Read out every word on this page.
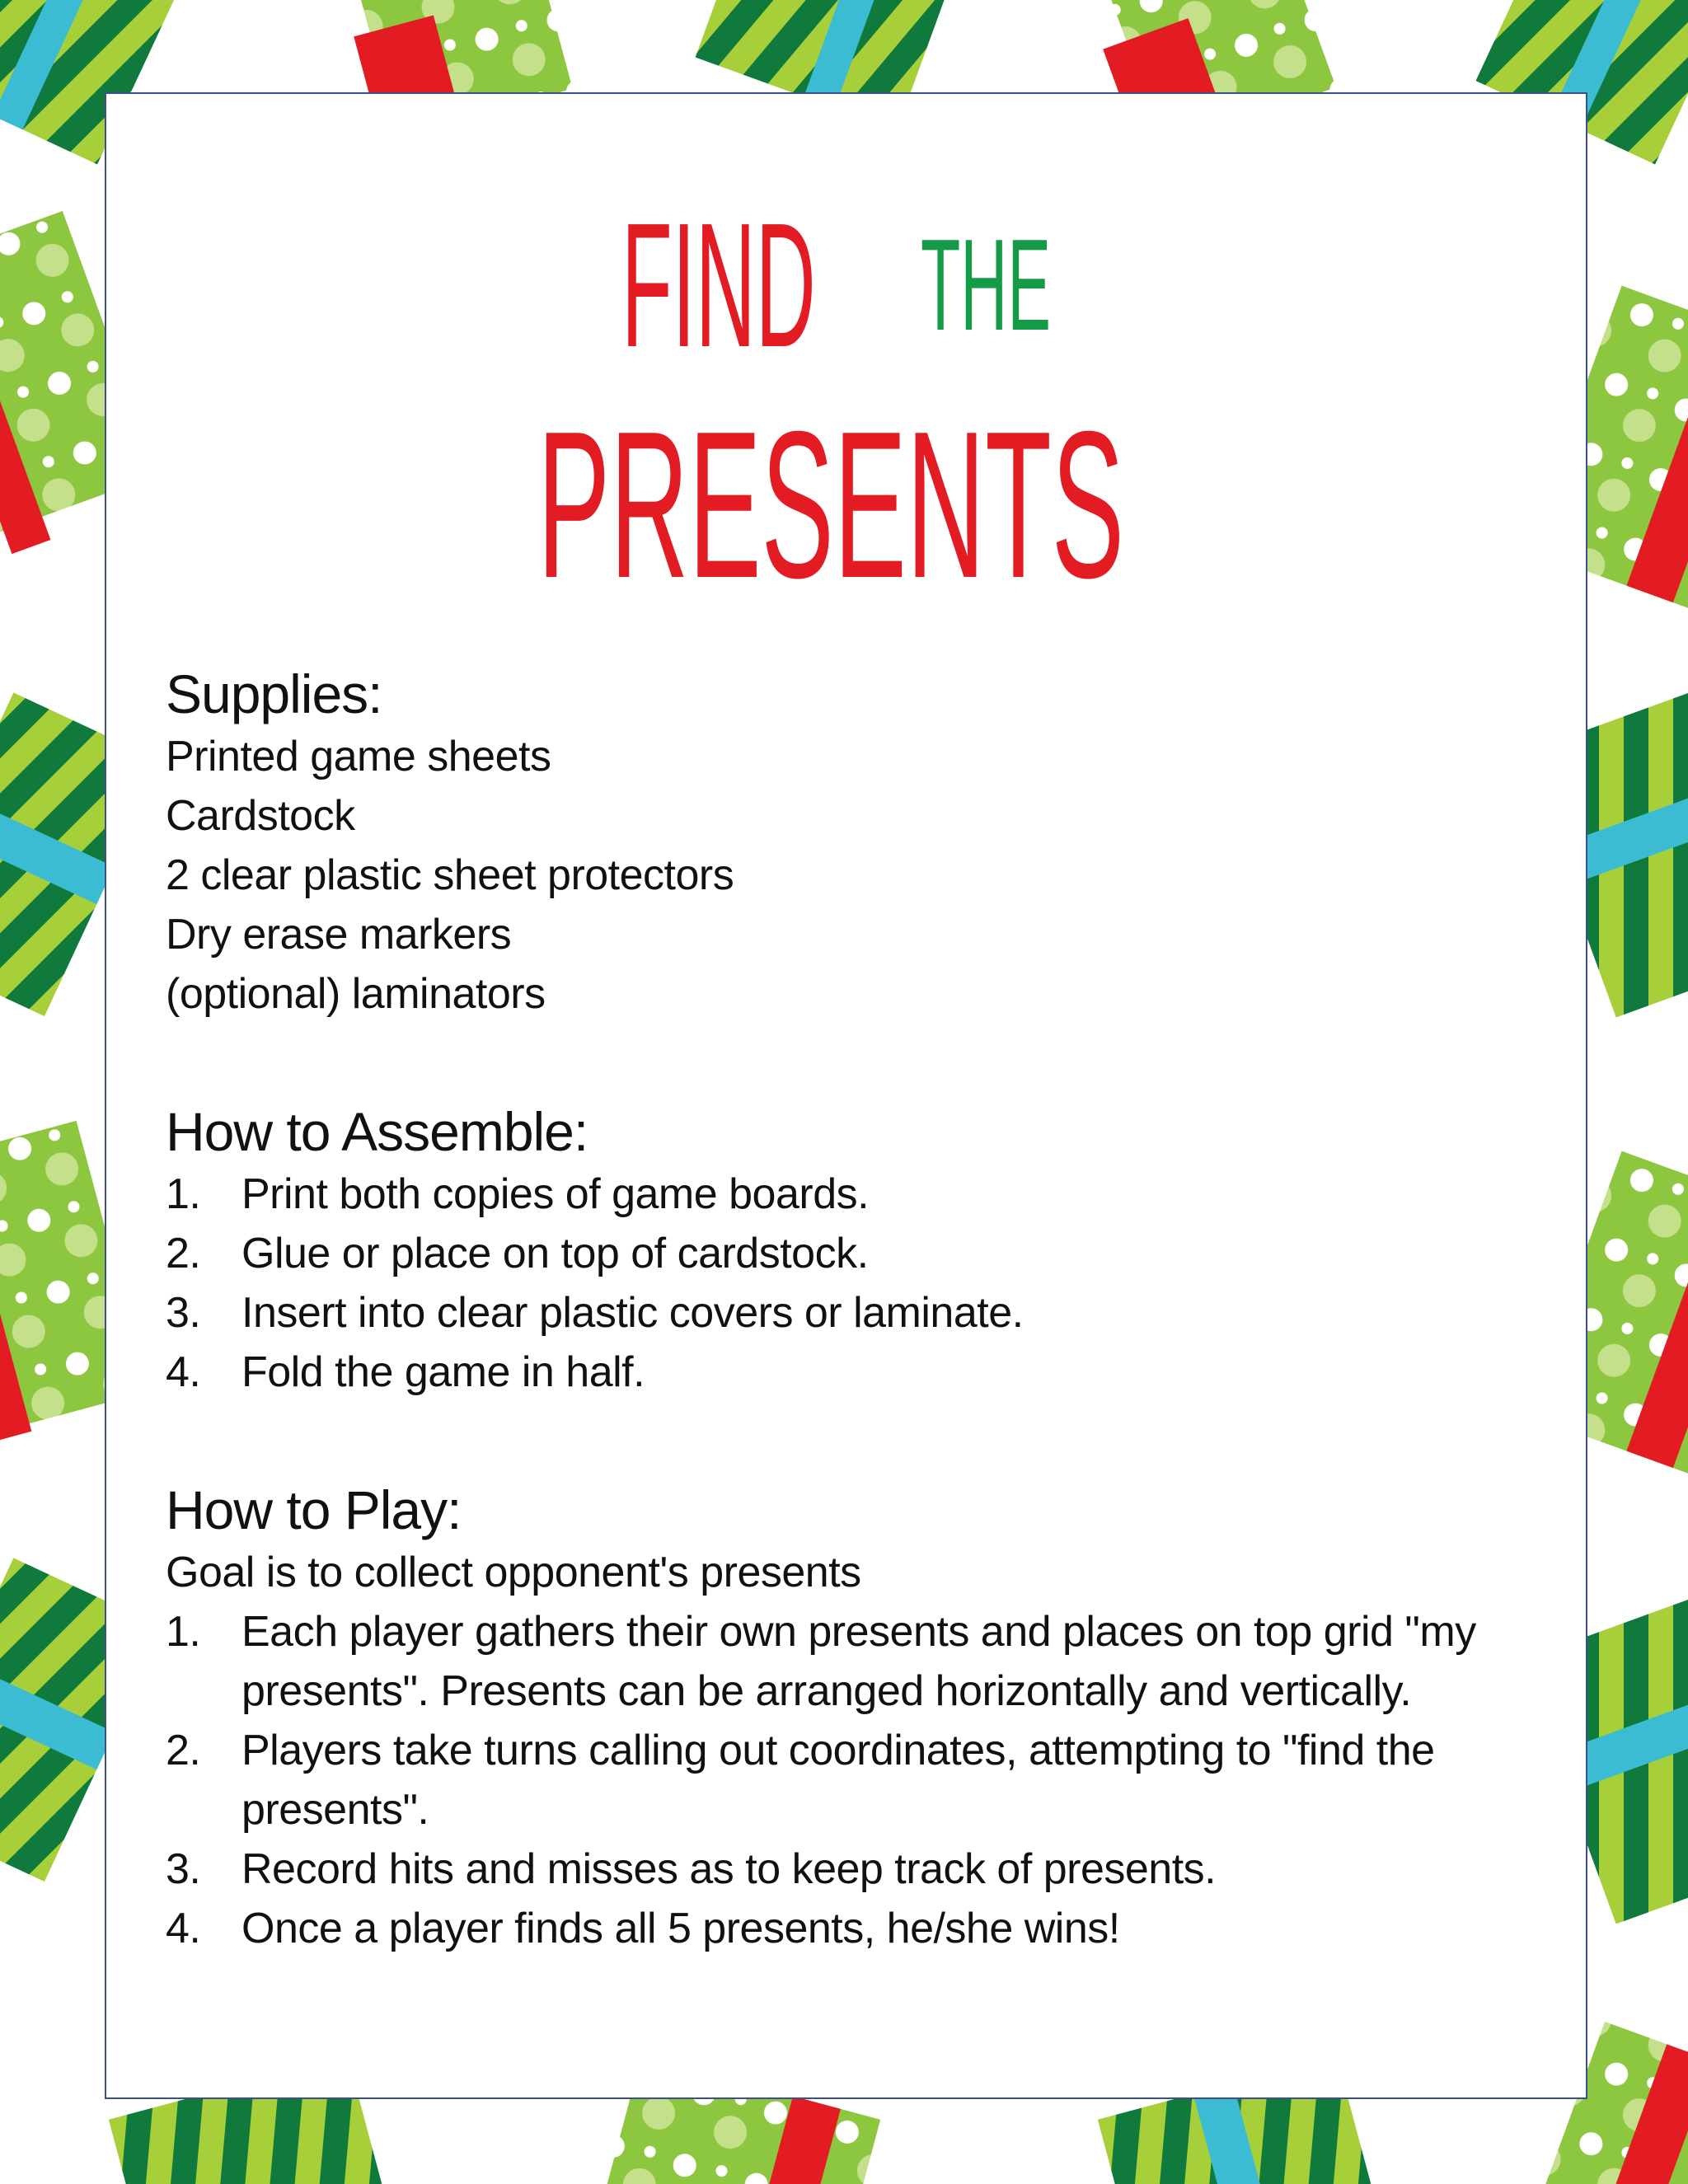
FIND THE
PRESENTS
Supplies:
Printed game sheets
Cardstock
2 clear plastic sheet protectors
Dry erase markers
(optional) laminators
How to Assemble:
1. Print both copies of game boards.
2. Glue or place on top of cardstock.
3. Insert into clear plastic covers or laminate.
4. Fold the game in half.
How to Play:
Goal is to collect opponent's presents
1. Each player gathers their own presents and places on top grid "my presents". Presents can be arranged horizontally and vertically.
2. Players take turns calling out coordinates, attempting to "find the presents".
3. Record hits and misses as to keep track of presents.
4. Once a player finds all 5 presents, he/she wins!
